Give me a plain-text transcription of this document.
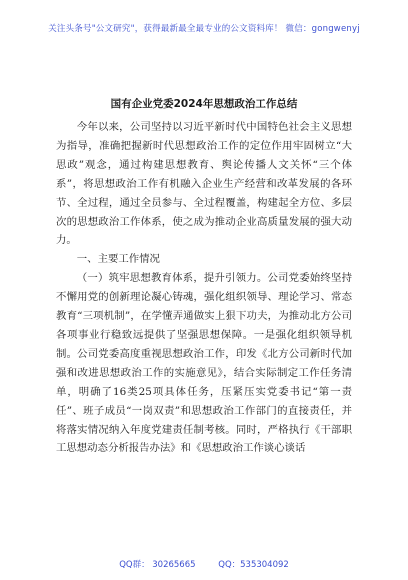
关注头条号"公文研究"，获得最新最全最专业的公文资料库！ 微信：gongwenyj
国有企业党委2024年思想政治工作总结

今年以来，公司坚持以习近平新时代中国特色社会主义思想为指导，准确把握新时代思想政治工作的定位作用牢固树立“大思政”观念，通过构建思想教育、舆论传播人文关怀“三个体系”，将思想政治工作有机融入企业生产经营和改革发展的各环节、全过程，通过全员参与、全过程覆盖，构建起全方位、多层次的思想政治工作体系，使之成为推动企业高质量发展的强大动力。

一、主要工作情况

（一）筑牢思想教育体系，提升引领力。公司党委始终坚持不懈用党的创新理论凝心铸魂，强化组织领导、理论学习、常态教育“三项机制”，在学懂弄通做实上狠下功夫，为推动北方公司各项事业行稳致远提供了坚强思想保障。一是强化组织领导机制。公司党委高度重视思想政治工作，印发《北方公司新时代加强和改进思想政治工作的实施意见》，结合实际制定工作任务清单，明确了16类25项具体任务，压紧压实党委书记“第一责任”、班子成员“一岗双责”和思想政治工作部门的直接责任，并将落实情况纳入年度党建责任制考核。同时，严格执行《干部职工思想动态分析报告办法》和《思想政治工作谈心谈话

QQ群： 30265665	QQ：535304092
